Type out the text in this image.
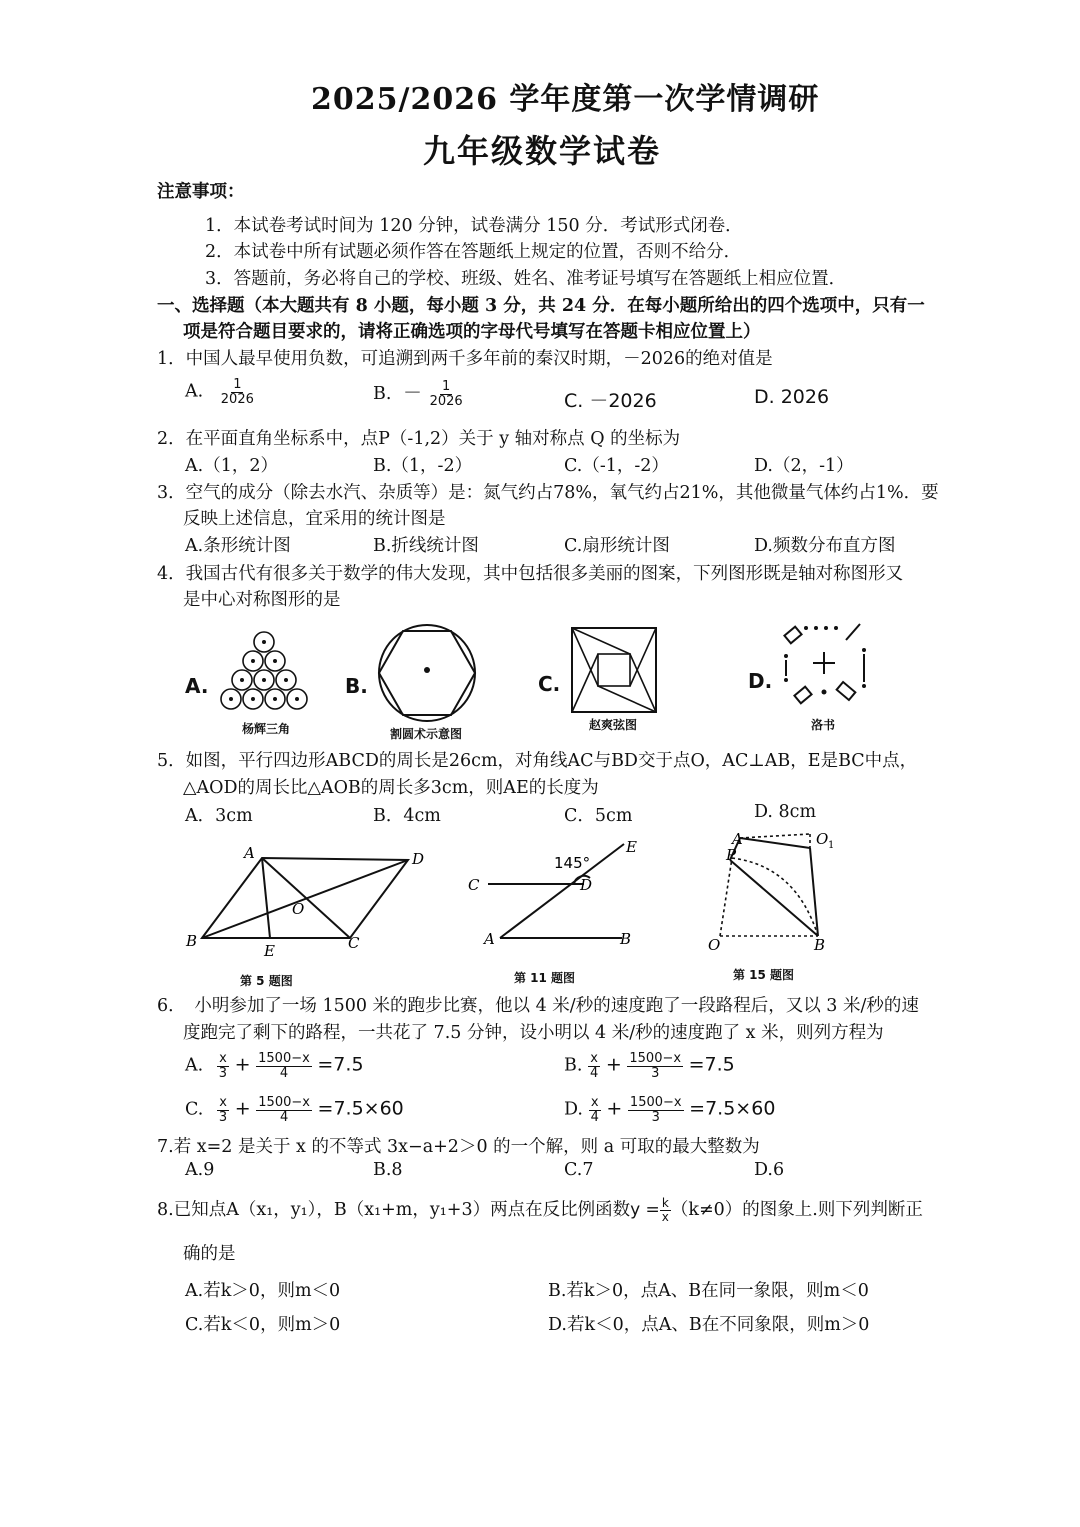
2025/2026 学年度第一次学情调研
九年级数学试卷
注意事项：
1．本试卷考试时间为 120 分钟，试卷满分 150 分．考试形式闭卷．
2．本试卷中所有试题必须作答在答题纸上规定的位置，否则不给分．
3．答题前，务必将自己的学校、班级、姓名、准考证号填写在答题纸上相应位置．
一、选择题（本大题共有 8 小题，每小题 3 分，共 24 分．在每小题所给出的四个选项中，只有一
项是符合题目要求的，请将正确选项的字母代号填写在答题卡相应位置上）
1．中国人最早使用负数，可追溯到两千多年前的秦汉时期，－2026的绝对值是
A. $\frac{1}{2026}$	B. － $\frac{1}{2026}$	C. －2026	D. 2026
2．在平面直角坐标系中，点P（-1,2）关于 y 轴对称点 Q 的坐标为
A.（1，2）	B.（1，-2）	C.（-1，-2）	D.（2，-1）
3．空气的成分（除去水汽、杂质等）是：氮气约占78%，氧气约占21%，其他微量气体约占1%．要
反映上述信息，宜采用的统计图是
A.条形统计图	B.折线统计图	C.扇形统计图	D.频数分布直方图
4．我国古代有很多关于数学的伟大发现，其中包括很多美丽的图案，下列图形既是轴对称图形又
是中心对称图形的是
A.
杨辉三角
B.
割圆术示意图
C.
赵爽弦图
D.
洛书
5．如图，平行四边形ABCD的周长是26cm，对角线AC与BD交于点O，AC⊥AB，E是BC中点，
△AOD的周长比△AOB的周长多3cm，则AE的长度为
A．3cm	B．4cm	C．5cm	D. 8cm
A	D
O
B
E	C
第 5 题图
E
C	D
A	B
145°
第 11 题图
A
P
O 1
O	B
第 15 题图
6．　小明参加了一场 1500 米的跑步比赛，他以 4 米/秒的速度跑了一段路程后，又以 3 米/秒的速
度跑完了剩下的路程，一共花了 7.5 分钟，设小明以 4 米/秒的速度跑了 x 米，则列方程为
A. $\frac{x}{3} + \frac{1500-x}{4} =7.5$	B. $\frac{x}{4} + \frac{1500-x}{3} =7.5$
C. $\frac{x}{3} + \frac{1500-x}{4} =7.5\times 60$	D. $\frac{x}{4} + \frac{1500-x}{3} =7.5\times 60$
7.若 x=2 是关于 x 的不等式 3x−a+2＞0 的一个解，则 a 可取的最大整数为
A.9	B.8	C.7	D.6
8.已知点A（x₁，y₁），B（x₁+m，y₁+3）两点在反比例函数$y = \frac{k}{x} (k\ne 0)$的图象上.则下列判断正
确的是
A.若k＞0，则m＜0	B.若k＞0，点A、B在同一象限，则m＜0
C.若k＜0，则m＞0	D.若k＜0，点A、B在不同象限，则m＞0
